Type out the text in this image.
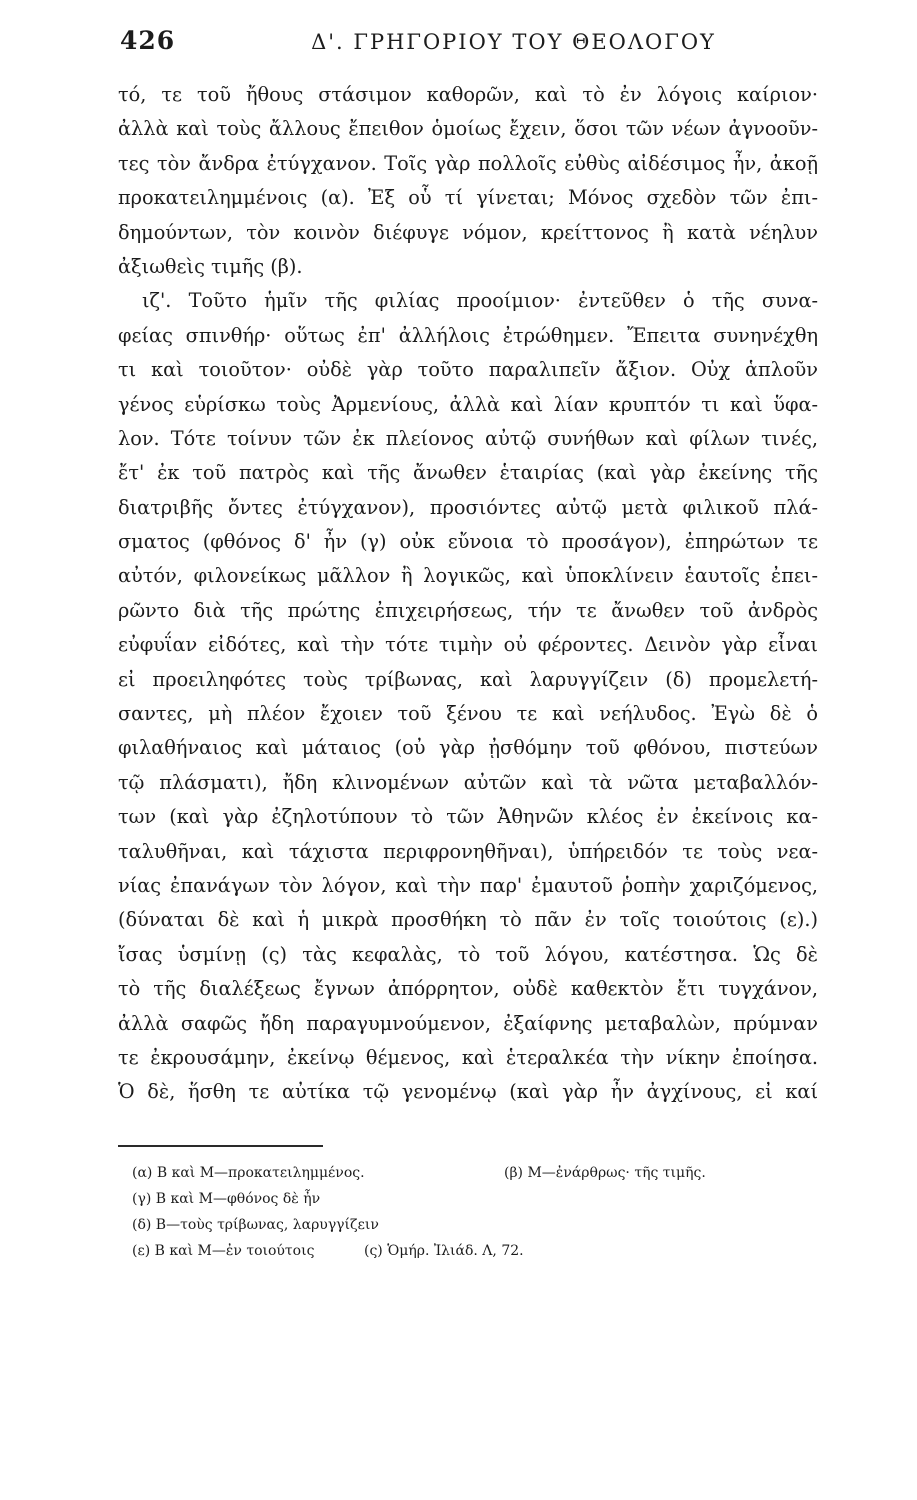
426	Δ'. ΓΡΗΓΟΡΙΟΥ ΤΟΥ ΘΕΟΛΟΓΟΥ
τό, τε τοῦ ἤθους στάσιμον καθορῶν, καὶ τὸ ἐν λόγοις καίριον·
ἀλλὰ καὶ τοὺς ἄλλους ἔπειθον ὁμοίως ἔχειν, ὅσοι τῶν νέων ἀγνοοῦν-
τες τὸν ἄνδρα ἐτύγχανον. Τοῖς γὰρ πολλοῖς εὐθὺς αἰδέσιμος ἦν, ἀκοῇ
προκατειλημμένοις (α). Ἐξ οὗ τί γίνεται; Μόνος σχεδὸν τῶν ἐπι-
δημούντων, τὸν κοινὸν διέφυγε νόμον, κρείττονος ἢ κατὰ νέηλυν
ἀξιωθεὶς τιμῆς (β).
ιζ'. Τοῦτο ἡμῖν τῆς φιλίας προοίμιον· ἐντεῦθεν ὁ τῆς συνα-
φείας σπινθήρ· οὕτως ἐπ' ἀλλήλοις ἐτρώθημεν. Ἔπειτα συνηνέχθη
τι καὶ τοιοῦτον· οὐδὲ γὰρ τοῦτο παραλιπεῖν ἄξιον. Οὐχ ἁπλοῦν
γένος εὑρίσκω τοὺς Ἀρμενίους, ἀλλὰ καὶ λίαν κρυπτόν τι καὶ ὕφα-
λον. Τότε τοίνυν τῶν ἐκ πλείονος αὐτῷ συνήθων καὶ φίλων τινές,
ἔτ' ἐκ τοῦ πατρὸς καὶ τῆς ἄνωθεν ἑταιρίας (καὶ γὰρ ἐκείνης τῆς
διατριβῆς ὄντες ἐτύγχανον), προσιόντες αὐτῷ μετὰ φιλικοῦ πλά-
σματος (φθόνος δ' ἦν (γ) οὐκ εὔνοια τὸ προσάγον), ἐπηρώτων τε
αὐτόν, φιλονείκως μᾶλλον ἢ λογικῶς, καὶ ὑποκλίνειν ἑαυτοῖς ἐπει-
ρῶντο διὰ τῆς πρώτης ἐπιχειρήσεως, τήν τε ἄνωθεν τοῦ ἀνδρὸς
εὐφυΐαν εἰδότες, καὶ τὴν τότε τιμὴν οὐ φέροντες. Δεινὸν γὰρ εἶναι
εἰ προειληφότες τοὺς τρίβωνας, καὶ λαρυγγίζειν (δ) προμελετή-
σαντες, μὴ πλέον ἔχοιεν τοῦ ξένου τε καὶ νεήλυδος. Ἐγὼ δὲ ὁ
φιλαθήναιος καὶ μάταιος (οὐ γὰρ ᾐσθόμην τοῦ φθόνου, πιστεύων
τῷ πλάσματι), ἤδη κλινομένων αὐτῶν καὶ τὰ νῶτα μεταβαλλόν-
των (καὶ γὰρ ἐζηλοτύπουν τὸ τῶν Ἀθηνῶν κλέος ἐν ἐκείνοις κα-
ταλυθῆναι, καὶ τάχιστα περιφρονηθῆναι), ὑπήρειδόν τε τοὺς νεα-
νίας ἐπανάγων τὸν λόγον, καὶ τὴν παρ' ἐμαυτοῦ ῥοπὴν χαριζόμενος,
(δύναται δὲ καὶ ἡ μικρὰ προσθήκη τὸ πᾶν ἐν τοῖς τοιούτοις (ε).)
ἴσας ὑσμίνῃ (ς) τὰς κεφαλὰς, τὸ τοῦ λόγου, κατέστησα. Ὡς δὲ
τὸ τῆς διαλέξεως ἔγνων ἀπόρρητον, οὐδὲ καθεκτὸν ἔτι τυγχάνον,
ἀλλὰ σαφῶς ἤδη παραγυμνούμενον, ἐξαίφνης μεταβαλὼν, πρύμναν
τε ἐκρουσάμην, ἐκείνῳ θέμενος, καὶ ἑτεραλκέα τὴν νίκην ἐποίησα.
Ὁ δὲ, ἥσθη τε αὐτίκα τῷ γενομένῳ (καὶ γὰρ ἦν ἀγχίνους, εἰ καί
(α) Β καὶ Μ—προκατειλημμένος.	(β) Μ—ἐνάρθρως· τῆς τιμῆς.
(γ) Β καὶ Μ—φθόνος δὲ ἦν
(δ) Β—τοὺς τρίβωνας, λαρυγγίζειν
(ε) Β καὶ Μ—ἐν τοιούτοις	(ς) Ὁμήρ. Ἰλιάδ. Λ, 72.
